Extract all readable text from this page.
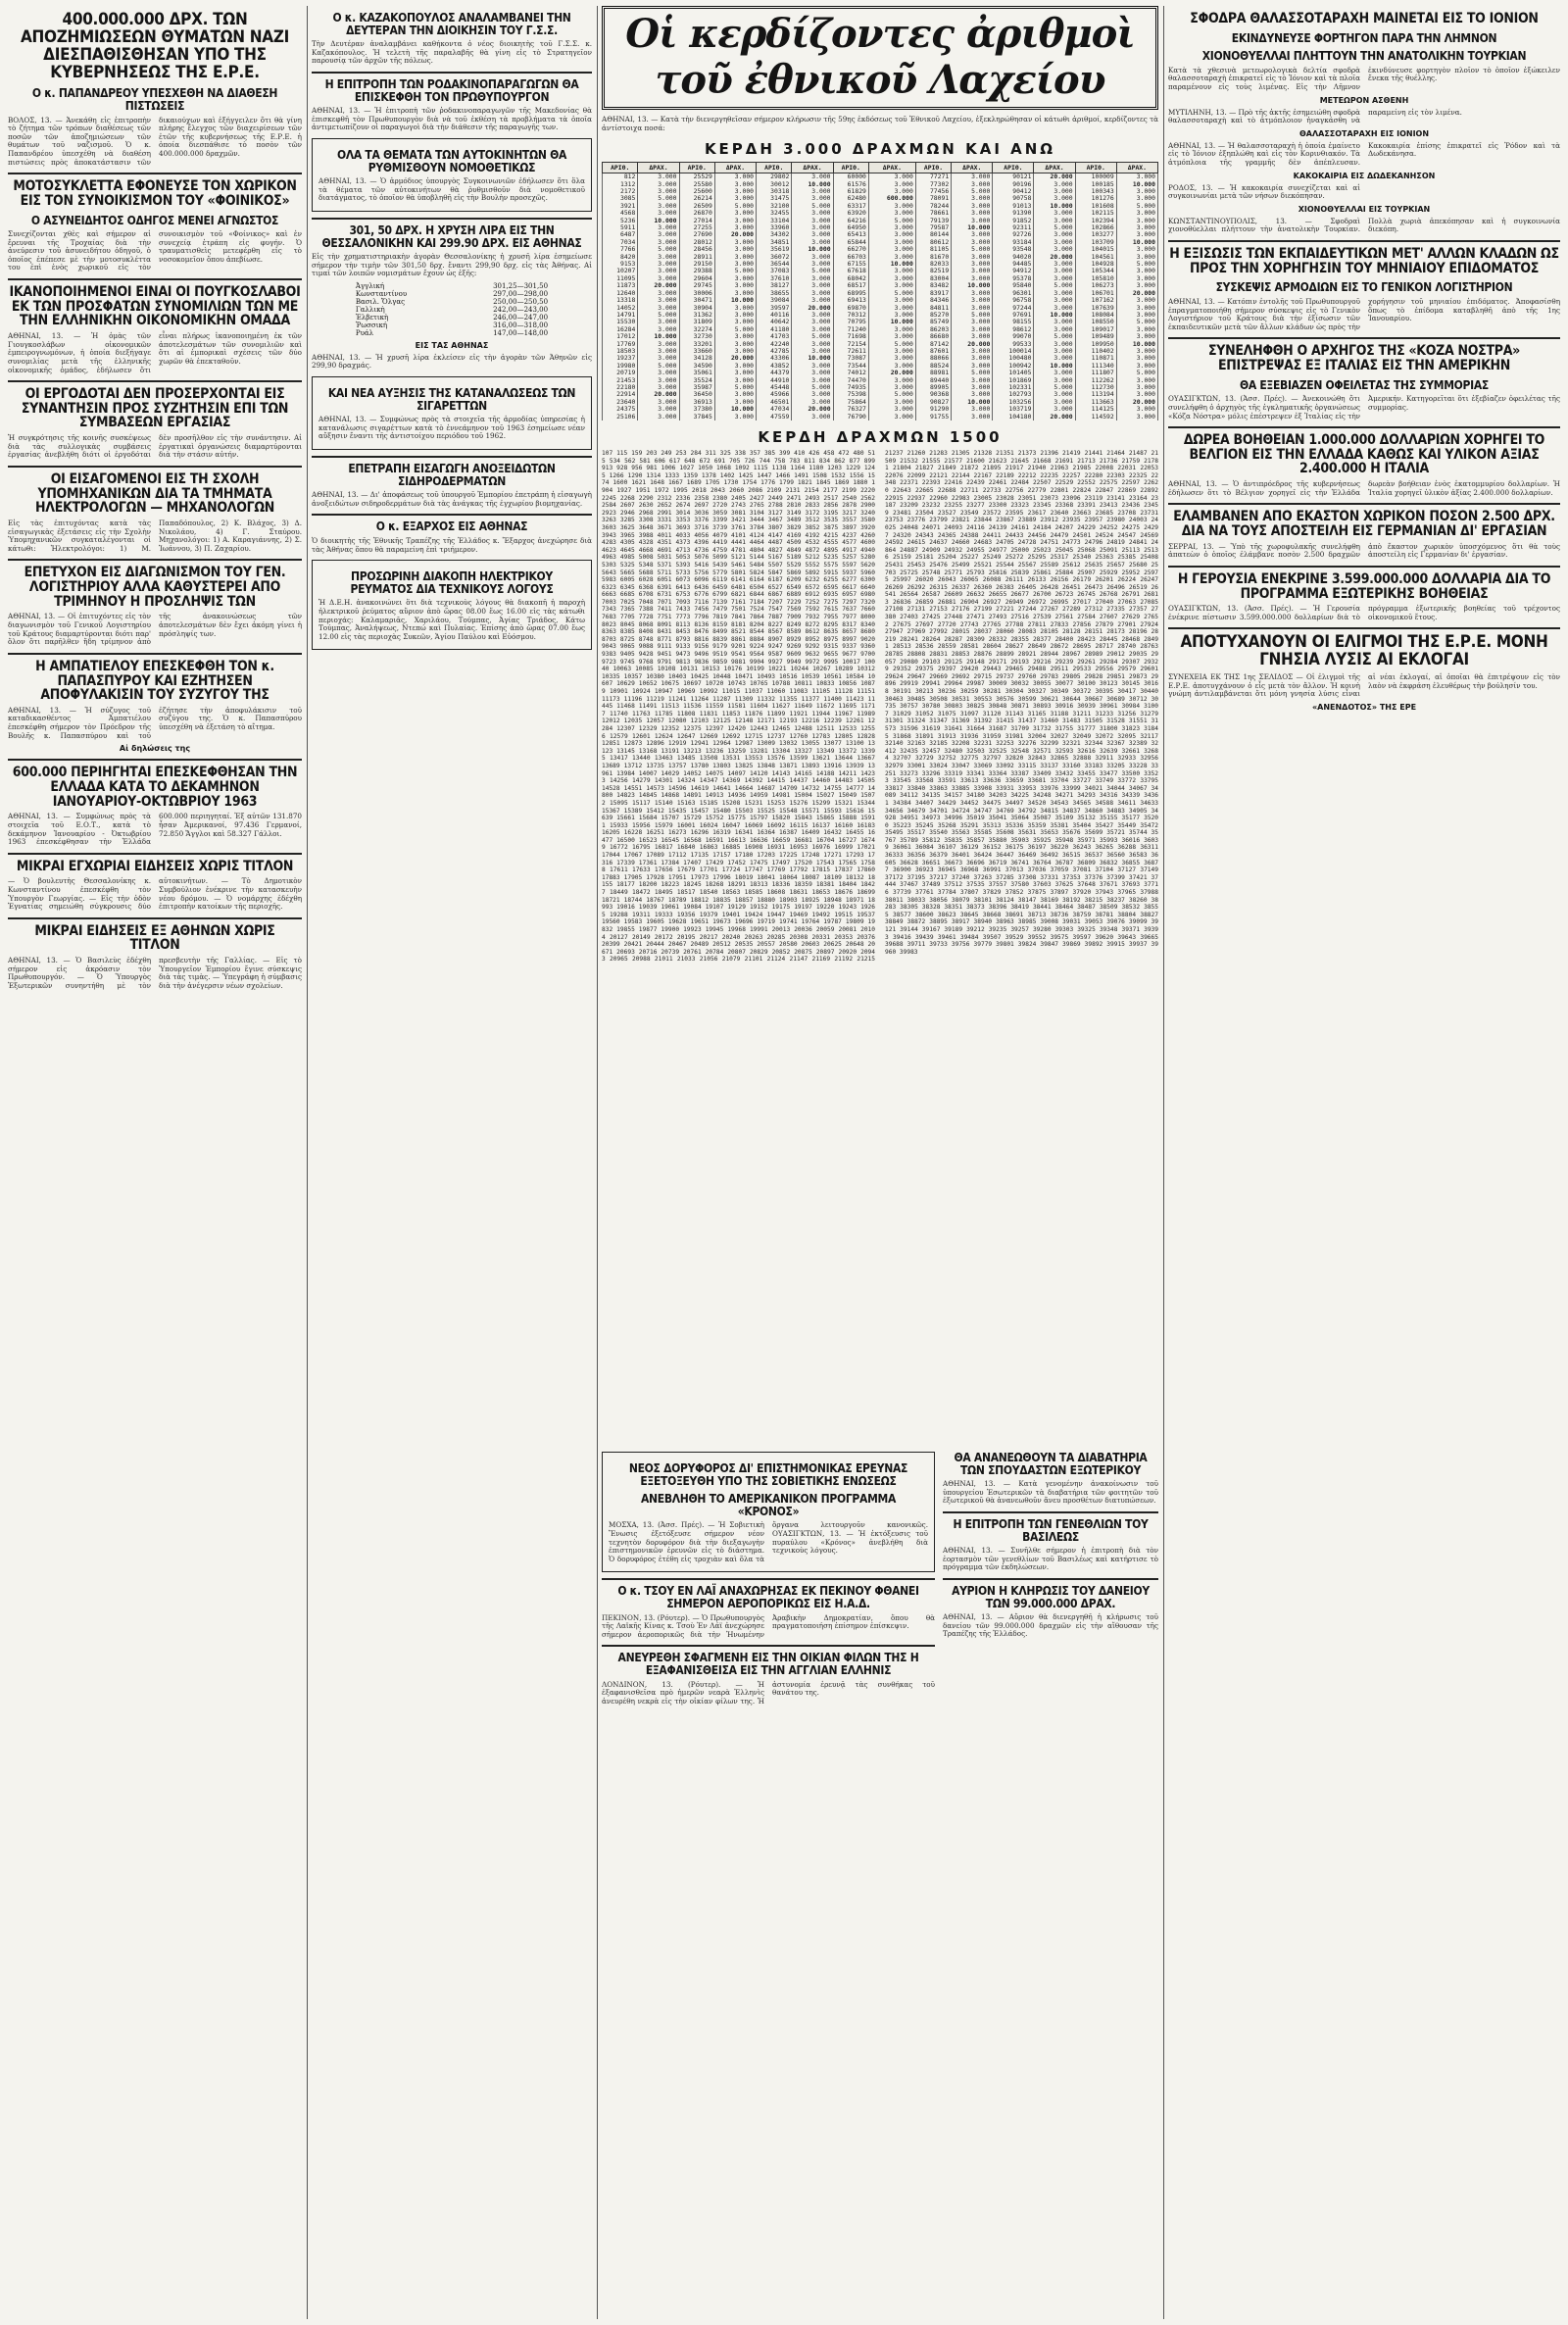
400.000.000 ΔΡΧ. ΤΩΝ ΑΠΟΖΗΜΙΩΣΕΩΝ ΘΥΜΑΤΩΝ ΝΑΖΙ ΔΙΕΣΠΑΘΙΣΘΗΣΑΝ ΥΠΟ ΤΗΣ ΚΥΒΕΡΝΗΣΕΩΣ ΤΗΣ Ε.Ρ.Ε.
Ο κ. ΠΑΠΑΝΔΡΕΟΥ ΥΠΕΣΧΕΘΗ ΝΑ ΔΙΑΘΕΣΗ ΠΙΣΤΩΣΕΙΣ

ΒΟΛΟΣ, 13. — Ἀνεκάθη εἰς ἐπιτροπὴν τὸ ζήτημα τῶν τρόπων διαθέσεως τῶν ποσῶν τῶν ἀποζημιώσεων τῶν θυμάτων τοῦ ναζισμοῦ. Ὁ κ. Παπανδρέου ὑπεσχέθη νὰ διαθέση πιστώσεις πρὸς ἀποκατάστασιν τῶν δικαιούχων καὶ ἐξήγγειλεν ὅτι θὰ γίνη πλήρης ἔλεγχος τῶν διαχειρίσεων τῶν ἐτῶν τῆς κυβερνήσεως τῆς Ε.Ρ.Ε. ἡ ὁποία διεσπάθισε τὸ ποσὸν τῶν 400.000.000 δραχμῶν.

ΜΟΤΟΣΥΚΛΕΤΤΑ ΕΦΟΝΕΥΣΕ ΤΟΝ ΧΩΡΙΚΟΝ ΕΙΣ ΤΟΝ ΣΥΝΟΙΚΙΣΜΟΝ ΤΟΥ «ΦΟΙΝΙΚΟΣ»
Ο ΑΣΥΝΕΙΔΗΤΟΣ ΟΔΗΓΟΣ ΜΕΝΕΙ ΑΓΝΩΣΤΟΣ

Συνεχίζονται χθὲς καὶ σήμερον αἱ ἔρευναι τῆς Τροχαίας διὰ τὴν ἀνεύρεσιν τοῦ ἀσυνειδήτου ὁδηγοῦ, ὁ ὁποῖος ἐπέπεσε μὲ τὴν μοτοσυκλέττα του ἐπὶ ἑνὸς χωρικοῦ εἰς τὸν συνοικισμὸν τοῦ «Φοίνικος» καὶ ἐν συνεχείᾳ ἐτράπη εἰς φυγήν. Ὁ τραυματισθεὶς μετεφέρθη εἰς τὸ νοσοκομεῖον ὅπου ἀπεβίωσε.

ΙΚΑΝΟΠΟΙΗΜΕΝΟΙ ΕΙΝΑΙ ΟΙ ΠΟΥΓΚΟΣΛΑΒΟΙ ΕΚ ΤΩΝ ΠΡΟΣΦΑΤΩΝ ΣΥΝΟΜΙΛΙΩΝ ΤΩΝ ΜΕ ΤΗΝ ΕΛΛΗΝΙΚΗΝ ΟΙΚΟΝΟΜΙΚΗΝ ΟΜΑΔΑ

ΑΘΗΝΑΙ, 13. — Ἡ ὁμὰς τῶν Γιουγκοσλάβων οἰκονομικῶν ἐμπειρογνωμόνων, ἡ ὁποία διεξήγαγε συνομιλίας μετὰ τῆς ἑλληνικῆς οἰκονομικῆς ὁμάδος, ἐδήλωσεν ὅτι εἶναι πλήρως ἱκανοποιημένη ἐκ τῶν ἀποτελεσμάτων τῶν συνομιλιῶν καὶ ὅτι αἱ ἐμπορικαὶ σχέσεις τῶν δύο χωρῶν θὰ ἐπεκταθοῦν.

ΟΙ ΕΡΓΟΔΟΤΑΙ ΔΕΝ ΠΡΟΣΕΡΧΟΝΤΑΙ ΕΙΣ ΣΥΝΑΝΤΗΣΙΝ ΠΡΟΣ ΣΥΖΗΤΗΣΙΝ ΕΠΙ ΤΩΝ ΣΥΜΒΑΣΕΩΝ ΕΡΓΑΣΙΑΣ

Ἡ συγκρότησις τῆς κοινῆς συσκέψεως διὰ τὰς συλλογικὰς συμβάσεις ἐργασίας ἀνεβλήθη διότι οἱ ἐργοδόται δὲν προσῆλθον εἰς τὴν συνάντησιν. Αἱ ἐργατικαὶ ὀργανώσεις διαμαρτύρονται διὰ τὴν στάσιν αὐτήν.

ΟΙ ΕΙΣΑΓΟΜΕΝΟΙ ΕΙΣ ΤΗ ΣΧΟΛΗ ΥΠΟΜΗΧΑΝΙΚΩΝ ΔΙΑ ΤΑ ΤΜΗΜΑΤΑ ΗΛΕΚΤΡΟΛΟΓΩΝ — ΜΗΧΑΝΟΛΟΓΩΝ

Εἰς τὰς ἐπιτυχόντας κατὰ τὰς εἰσαγωγικὰς ἐξετάσεις εἰς τὴν Σχολὴν Ὑπομηχανικῶν συγκαταλέγονται οἱ κάτωθι: Ἠλεκτρολόγοι: 1) Μ. Παπαδόπουλος, 2) Κ. Βλάχος, 3) Δ. Νικολάου, 4) Γ. Σταύρου. Μηχανολόγοι: 1) Α. Καραγιάννης, 2) Σ. Ἰωάννου, 3) Π. Ζαχαρίου.

ΕΠΕΤΥΧΟΝ ΕΙΣ ΔΙΑΓΩΝΙΣΜΟΝ ΤΟΥ ΓΕΝ. ΛΟΓΙΣΤΗΡΙΟΥ ΑΛΛΑ ΚΑΘΥΣΤΕΡΕΙ ΑΠΟ ΤΡΙΜΗΝΟΥ Η ΠΡΟΣΛΗΨΙΣ ΤΩΝ

ΑΘΗΝΑΙ, 13. — Οἱ ἐπιτυχόντες εἰς τὸν διαγωνισμὸν τοῦ Γενικοῦ Λογιστηρίου τοῦ Κράτους διαμαρτύρονται διότι παρ' ὅλον ὅτι παρῆλθεν ἤδη τρίμηνον ἀπὸ τῆς ἀνακοινώσεως τῶν ἀποτελεσμάτων δὲν ἔχει ἀκόμη γίνει ἡ πρόσληψίς των.

Η ΑΜΠΑΤΙΕΛΟΥ ΕΠΕΣΚΕΦΘΗ ΤΟΝ κ. ΠΑΠΑΣΠΥΡΟΥ ΚΑΙ ΕΖΗΤΗΣΕΝ ΑΠΟΦΥΛΑΚΙΣΙΝ ΤΟΥ ΣΥΖΥΓΟΥ ΤΗΣ

ΑΘΗΝΑΙ, 13. — Ἡ σύζυγος τοῦ καταδικασθέντος Ἀμπατιέλου ἐπεσκέφθη σήμερον τὸν Πρόεδρον τῆς Βουλῆς κ. Παπασπύρου καὶ τοῦ ἐζήτησε τὴν ἀποφυλάκισιν τοῦ συζύγου της. Ὁ κ. Παπασπύρου ὑπεσχέθη νὰ ἐξετάση τὸ αἴτημα.

Αἱ δηλώσεις της
600.000 ΠΕΡΙΗΓΗΤΑΙ ΕΠΕΣΚΕΦΘΗΣΑΝ ΤΗΝ ΕΛΛΑΔΑ ΚΑΤΑ ΤΟ ΔΕΚΑΜΗΝΟΝ ΙΑΝΟΥΑΡΙΟΥ-ΟΚΤΩΒΡΙΟΥ 1963

ΑΘΗΝΑΙ, 13. — Συμφώνως πρὸς τὰ στοιχεῖα τοῦ Ε.Ο.Τ., κατὰ τὸ δεκάμηνον Ἰανουαρίου - Ὀκτωβρίου 1963 ἐπεσκέφθησαν τὴν Ἑλλάδα 600.000 περιηγηταί. Ἐξ αὐτῶν 131.870 ἦσαν Ἀμερικανοί, 97.436 Γερμανοί, 72.850 Ἄγγλοι καὶ 58.327 Γάλλοι.

ΜΙΚΡΑΙ ΕΓΧΩΡΙΑΙ ΕΙΔΗΣΕΙΣ ΧΩΡΙΣ ΤΙΤΛΟΝ

— Ὁ βουλευτὴς Θεσσαλονίκης κ. Κωνσταντίνου ἐπεσκέφθη τὸν Ὑπουργὸν Γεωργίας. — Εἰς τὴν ὁδὸν Ἐγνατίας σημειώθη σύγκρουσις δύο αὐτοκινήτων. — Τὸ Δημοτικὸν Συμβούλιον ἐνέκρινε τὴν κατασκευὴν νέου δρόμου. — Ὁ νομάρχης ἐδέχθη ἐπιτροπὴν κατοίκων τῆς περιοχῆς.

ΜΙΚΡΑΙ ΕΙΔΗΣΕΙΣ ΕΞ ΑΘΗΝΩΝ ΧΩΡΙΣ ΤΙΤΛΟΝ

ΑΘΗΝΑΙ, 13. — Ὁ Βασιλεὺς ἐδέχθη σήμερον εἰς ἀκρόασιν τὸν Πρωθυπουργόν. — Ὁ Ὑπουργὸς Ἐξωτερικῶν συνηντήθη μὲ τὸν πρεσβευτὴν τῆς Γαλλίας. — Εἰς τὸ Ὑπουργεῖον Ἐμπορίου ἔγινε σύσκεψις διὰ τὰς τιμὰς. — Ὑπεγράφη ἡ σύμβασις διὰ τὴν ἀνέγερσιν νέων σχολείων.

Ο κ. ΚΑΖΑΚΟΠΟΥΛΟΣ ΑΝΑΛΑΜΒΑΝΕΙ ΤΗΝ ΔΕΥΤΕΡΑΝ ΤΗΝ ΔΙΟΙΚΗΣΙΝ ΤΟΥ Γ.Σ.Σ.

Τὴν Δευτέραν ἀναλαμβάνει καθήκοντα ὁ νέος διοικητὴς τοῦ Γ.Σ.Σ. κ. Καζακόπουλος. Ἡ τελετὴ τῆς παραλαβῆς θὰ γίνη εἰς τὸ Στρατηγεῖον παρουσίᾳ τῶν ἀρχῶν τῆς πόλεως.

Η ΕΠΙΤΡΟΠΗ ΤΩΝ ΡΟΔΑΚΙΝΟΠΑΡΑΓΩΓΩΝ ΘΑ ΕΠΙΣΚΕΦΘΗ ΤΟΝ ΠΡΩΘΥΠΟΥΡΓΟΝ

ΑΘΗΝΑΙ, 13. — Ἡ ἐπιτροπὴ τῶν ῥοδακινοπαραγωγῶν τῆς Μακεδονίας θὰ ἐπισκεφθῆ τὸν Πρωθυπουργὸν διὰ νὰ τοῦ ἐκθέση τὰ προβλήματα τὰ ὁποῖα ἀντιμετωπίζουν οἱ παραγωγοὶ διὰ τὴν διάθεσιν τῆς παραγωγῆς των.

ΟΛΑ ΤΑ ΘΕΜΑΤΑ ΤΩΝ ΑΥΤΟΚΙΝΗΤΩΝ ΘΑ ΡΥΘΜΙΣΘΟΥΝ ΝΟΜΟΘΕΤΙΚΩΣ

ΑΘΗΝΑΙ, 13. — Ὁ ἁρμόδιος ὑπουργὸς Συγκοινωνιῶν ἐδήλωσεν ὅτι ὅλα τὰ θέματα τῶν αὐτοκινήτων θὰ ῥυθμισθοῦν διὰ νομοθετικοῦ διατάγματος, τὸ ὁποῖον θὰ ὑποβληθῆ εἰς τὴν Βουλὴν προσεχῶς.

301, 50 ΔΡΧ. Η ΧΡΥΣΗ ΛΙΡΑ ΕΙΣ ΤΗΝ ΘΕΣΣΑΛΟΝΙΚΗΝ ΚΑΙ 299.90 ΔΡΧ. ΕΙΣ ΑΘΗΝΑΣ

Εἰς τὴν χρηματιστηριακὴν ἀγορὰν Θεσσαλονίκης ἡ χρυσῆ λίρα ἐσημείωσε σήμερον τὴν τιμὴν τῶν 301,50 δρχ. ἔναντι 299,90 δρχ. εἰς τὰς Ἀθήνας. Αἱ τιμαὶ τῶν λοιπῶν νομισμάτων ἔχουν ὡς ἑξῆς:

Ἀγγλική	301,25—301,50
Κωνσταντίνου	297,00—298,00
Βασιλ. Ὄλγας	250,00—250,50
Γαλλικὴ	242,00—243,00
Ἐλβετικὴ	246,00—247,00
Ῥωσσική	316,00—318,00
Ρυάλ	147,00—148,00
ΕΙΣ ΤΑΣ ΑΘΗΝΑΣ

ΑΘΗΝΑΙ, 13. — Ἡ χρυσῆ λίρα ἐκλείσεν εἰς τὴν ἀγορὰν τῶν Ἀθηνῶν εἰς 299,90 δραχμάς.

ΚΑΙ ΝΕΑ ΑΥΞΗΣΙΣ ΤΗΣ ΚΑΤΑΝΑΛΩΣΕΩΣ ΤΩΝ ΣΙΓΑΡΕΤΤΩΝ

ΑΘΗΝΑΙ, 13. — Συμφώνως πρὸς τὰ στοιχεῖα τῆς ἁρμοδίας ὑπηρεσίας ἡ κατανάλωσις σιγαρέττων κατὰ τὸ ἐννεάμηνον τοῦ 1963 ἐσημείωσε νέαν αὔξησιν ἔναντι τῆς ἀντιστοίχου περιόδου τοῦ 1962.

ΕΠΕΤΡΑΠΗ ΕΙΣΑΓΩΓΗ ΑΝΟΞΕΙΔΩΤΩΝ ΣΙΔΗΡΟΔΕΡΜΑΤΩΝ

ΑΘΗΝΑΙ, 13. — Δι' ἀποφάσεως τοῦ ὑπουργοῦ Ἐμπορίου ἐπετράπη ἡ εἰσαγωγὴ ἀνοξειδώτων σιδηροδερμάτων διὰ τὰς ἀνάγκας τῆς ἐγχωρίου βιομηχανίας.

Ο κ. ΕΞΑΡΧΟΣ ΕΙΣ ΑΘΗΝΑΣ

Ὁ διοικητὴς τῆς Ἐθνικῆς Τραπέζης τῆς Ἑλλάδος κ. Ἔξαρχος ἀνεχώρησε διὰ τὰς Ἀθήνας ὅπου θὰ παραμείνη ἐπὶ τριήμερον.

ΠΡΟΣΩΡΙΝΗ ΔΙΑΚΟΠΗ ΗΛΕΚΤΡΙΚΟΥ ΡΕΥΜΑΤΟΣ ΔΙΑ ΤΕΧΝΙΚΟΥΣ ΛΟΓΟΥΣ

Ἡ Δ.Ε.Η. ἀνακοινώνει ὅτι διὰ τεχνικοὺς λόγους θὰ διακοπῆ ἡ παροχὴ ἠλεκτρικοῦ ῥεύματος αὔριον ἀπὸ ὥρας 08.00 ἕως 16.00 εἰς τὰς κάτωθι περιοχάς: Καλαμαριᾶς, Χαριλάου, Τούμπας, Ἁγίας Τριάδος, Κάτω Τούμπας, Ἀναλήψεως, Ντεπώ καὶ Πυλαίας. Ἐπίσης ἀπὸ ὥρας 07.00 ἕως 12.00 εἰς τὰς περιοχὰς Συκεῶν, Ἁγίου Παύλου καὶ Εὐόσμου.

Οἱ κερδίζοντες ἀριθμοὶ τοῦ ἐθνικοῦ Λαχείου

ΑΘΗΝΑΙ, 13. — Κατὰ τὴν διενεργηθεῖσαν σήμερον κλήρωσιν τῆς 59ης ἐκδόσεως τοῦ Ἐθνικοῦ Λαχείου, ἐξεκληρώθησαν οἱ κάτωθι ἀριθμοί, κερδίζοντες τὰ ἀντίστοιχα ποσά:

ΚΕΡΔΗ 3.000 ΔΡΑΧΜΩΝ ΚΑΙ ΑΝΩ
ΑΡΙΘ.	ΔΡΑΧ.	ΑΡΙΘ.	ΔΡΑΧ.	ΑΡΙΘ.	ΔΡΑΧ.	ΑΡΙΘ.	ΔΡΑΧ.	ΑΡΙΘ.	ΔΡΑΧ.	ΑΡΙΘ.	ΔΡΑΧ.	ΑΡΙΘ.	ΔΡΑΧ.
812	3.000	25529	3.000	29802	3.000	60000	3.000	77271	3.000	90121	20.000	100009	3.000
1312	3.000	25580	3.000	30012	10.000	61576	3.000	77302	3.000	90196	3.000	100185	10.000
2172	3.000	25600	3.000	30318	3.000	61829	3.000	77456	5.000	90412	3.000	100343	3.000
3085	5.000	26214	3.000	31475	3.000	62480	600.000	78091	3.000	90758	3.000	101276	3.000
3921	3.000	26509	5.000	32100	5.000	63317	3.000	78244	3.000	91013	10.000	101608	5.000
4568	3.000	26870	3.000	32455	3.000	63920	3.000	78661	3.000	91390	3.000	102115	3.000
5236	10.000	27014	3.000	33104	3.000	64216	5.000	79139	3.000	91852	3.000	102394	3.000
5911	3.000	27255	3.000	33960	3.000	64950	3.000	79587	10.000	92311	5.000	102866	3.000
6487	3.000	27690	20.000	34302	3.000	65413	3.000	80144	3.000	92726	3.000	103277	3.000
7034	3.000	28012	3.000	34851	3.000	65844	3.000	80612	3.000	93184	3.000	103709	10.000
7766	5.000	28456	3.000	35619	10.000	66270	3.000	81105	5.000	93548	3.000	104015	3.000
8420	3.000	28911	3.000	36072	3.000	66703	3.000	81670	3.000	94020	20.000	104561	3.000
9153	3.000	29150	3.000	36544	3.000	67155	10.000	82033	3.000	94485	3.000	104928	5.000
10207	3.000	29388	5.000	37083	5.000	67618	3.000	82519	3.000	94912	3.000	105344	3.000
11095	3.000	29604	3.000	37610	3.000	68042	3.000	83004	3.000	95378	3.000	105810	3.000
11873	20.000	29745	3.000	38127	3.000	68517	3.000	83482	10.000	95840	5.000	106273	3.000
12640	3.000	30006	3.000	38655	3.000	68995	5.000	83917	3.000	96301	3.000	106701	20.000
13318	3.000	30471	10.000	39084	3.000	69413	3.000	84346	3.000	96758	3.000	107162	3.000
14052	3.000	30904	3.000	39597	20.000	69870	3.000	84811	3.000	97244	3.000	107639	3.000
14791	5.000	31362	3.000	40116	3.000	70312	3.000	85270	5.000	97691	10.000	108084	3.000
15530	3.000	31809	3.000	40642	3.000	70795	10.000	85749	3.000	98155	3.000	108550	5.000
16284	3.000	32274	5.000	41180	3.000	71240	3.000	86203	3.000	98612	3.000	109017	3.000
17012	10.000	32730	3.000	41703	5.000	71698	3.000	86680	3.000	99070	5.000	109489	3.000
17769	3.000	33201	3.000	42240	3.000	72154	5.000	87142	20.000	99533	3.000	109950	10.000
18503	3.000	33660	3.000	42785	3.000	72611	3.000	87601	3.000	100014	3.000	110402	3.000
19237	3.000	34128	20.000	43306	10.000	73087	3.000	88066	3.000	100480	3.000	110871	3.000
19980	5.000	34590	3.000	43852	3.000	73544	3.000	88524	3.000	100942	10.000	111340	3.000
20719	3.000	35061	3.000	44379	3.000	74012	20.000	88981	5.000	101405	3.000	111807	5.000
21453	3.000	35524	3.000	44910	3.000	74470	3.000	89440	3.000	101869	3.000	112262	3.000
22180	3.000	35987	5.000	45448	5.000	74935	3.000	89905	3.000	102331	5.000	112730	3.000
22914	20.000	36450	3.000	45966	3.000	75398	5.000	90368	3.000	102793	3.000	113194	3.000
23640	3.000	36913	3.000	46501	3.000	75864	3.000	90827	10.000	103256	3.000	113663	20.000
24375	3.000	37380	10.000	47034	20.000	76327	3.000	91290	3.000	103719	3.000	114125	3.000
25106	3.000	37845	3.000	47559	3.000	76790	3.000	91755	3.000	104180	20.000	114592	3.000
ΚΕΡΔΗ ΔΡΑΧΜΩΝ 1500
107 115 159 203 249 253 284 311 325 338 357 385 399 410 426 458 472 480 515 534 562 581 606 617 648 672 691 705 726 744 758 783 811 834 862 877 899 913 928 956 981 1006 1027 1050 1068 1092 1115 1138 1164 1180 1203 1229 1245 1266 1290 1314 1333 1359 1378 1402 1425 1447 1466 1491 1508 1532 1556 1574 1600 1621 1648 1667 1689 1705 1730 1754 1776 1799 1821 1845 1869 1880 1904 1927 1951 1972 1995 2018 2043 2060 2086 2109 2131 2154 2177 2199 2220 2245 2268 2290 2312 2336 2358 2380 2405 2427 2449 2471 2493 2517 2540 2562 2584 2607 2630 2652 2674 2697 2720 2743 2765 2788 2810 2833 2856 2878 2900 2923 2946 2968 2991 3014 3036 3059 3081 3104 3127 3149 3172 3195 3217 3240 3263 3285 3308 3331 3353 3376 3399 3421 3444 3467 3489 3512 3535 3557 3580 3603 3625 3648 3671 3693 3716 3739 3761 3784 3807 3829 3852 3875 3897 3920 3943 3965 3988 4011 4033 4056 4079 4101 4124 4147 4169 4192 4215 4237 4260 4283 4305 4328 4351 4373 4396 4419 4441 4464 4487 4509 4532 4555 4577 4600 4623 4645 4668 4691 4713 4736 4759 4781 4804 4827 4849 4872 4895 4917 4940 4963 4985 5008 5031 5053 5076 5099 5121 5144 5167 5189 5212 5235 5257 5280 5303 5325 5348 5371 5393 5416 5439 5461 5484 5507 5529 5552 5575 5597 5620 5643 5665 5688 5711 5733 5756 5779 5801 5824 5847 5869 5892 5915 5937 5960 5983 6005 6028 6051 6073 6096 6119 6141 6164 6187 6209 6232 6255 6277 6300 6323 6345 6368 6391 6413 6436 6459 6481 6504 6527 6549 6572 6595 6617 6640 6663 6685 6708 6731 6753 6776 6799 6821 6844 6867 6889 6912 6935 6957 6980 7003 7025 7048 7071 7093 7116 7139 7161 7184 7207 7229 7252 7275 7297 7320 7343 7365 7388 7411 7433 7456 7479 7501 7524 7547 7569 7592 7615 7637 7660 7683 7705 7728 7751 7773 7796 7819 7841 7864 7887 7909 7932 7955 7977 8000 8023 8045 8068 8091 8113 8136 8159 8181 8204 8227 8249 8272 8295 8317 8340 8363 8385 8408 8431 8453 8476 8499 8521 8544 8567 8589 8612 8635 8657 8680 8703 8725 8748 8771 8793 8816 8839 8861 8884 8907 8929 8952 8975 8997 9020 9043 9065 9088 9111 9133 9156 9179 9201 9224 9247 9269 9292 9315 9337 9360 9383 9405 9428 9451 9473 9496 9519 9541 9564 9587 9609 9632 9655 9677 9700 9723 9745 9768 9791 9813 9836 9859 9881 9904 9927 9949 9972 9995 10017 10040 10063 10085 10108 10131 10153 10176 10199 10221 10244 10267 10289 10312 10335 10357 10380 10403 10425 10448 10471 10493 10516 10539 10561 10584 10607 10629 10652 10675 10697 10720 10743 10765 10788 10811 10833 10856 10879 10901 10924 10947 10969 10992 11015 11037 11060 11083 11105 11128 11151 11173 11196 11219 11241 11264 11287 11309 11332 11355 11377 11400 11423 11445 11468 11491 11513 11536 11559 11581 11604 11627 11649 11672 11695 11717 11740 11763 11785 11808 11831 11853 11876 11899 11921 11944 11967 11989 12012 12035 12057 12080 12103 12125 12148 12171 12193 12216 12239 12261 12284 12307 12329 12352 12375 12397 12420 12443 12465 12488 12511 12533 12556 12579 12601 12624 12647 12669 12692 12715 12737 12760 12783 12805 12828 12851 12873 12896 12919 12941 12964 12987 13009 13032 13055 13077 13100 13123 13145 13168 13191 13213 13236 13259 13281 13304 13327 13349 13372 13395 13417 13440 13463 13485 13508 13531 13553 13576 13599 13621 13644 13667 13689 13712 13735 13757 13780 13803 13825 13848 13871 13893 13916 13939 13961 13984 14007 14029 14052 14075 14097 14120 14143 14165 14188 14211 14233 14256 14279 14301 14324 14347 14369 14392 14415 14437 14460 14483 14505 14528 14551 14573 14596 14619 14641 14664 14687 14709 14732 14755 14777 14800 14823 14845 14868 14891 14913 14936 14959 14981 15004 15027 15049 15072 15095 15117 15140 15163 15185 15208 15231 15253 15276 15299 15321 15344 15367 15389 15412 15435 15457 15480 15503 15525 15548 15571 15593 15616 15639 15661 15684 15707 15729 15752 15775 15797 15820 15843 15865 15888 15911 15933 15956 15979 16001 16024 16047 16069 16092 16115 16137 16160 16183 16205 16228 16251 16273 16296 16319 16341 16364 16387 16409 16432 16455 16477 16500 16523 16545 16568 16591 16613 16636 16659 16681 16704 16727 16749 16772 16795 16817 16840 16863 16885 16908 16931 16953 16976 16999 17021 17044 17067 17089 17112 17135 17157 17180 17203 17225 17248 17271 17293 17316 17339 17361 17384 17407 17429 17452 17475 17497 17520 17543 17565 17588 17611 17633 17656 17679 17701 17724 17747 17769 17792 17815 17837 17860 17883 17905 17928 17951 17973 17996 18019 18041 18064 18087 18109 18132 18155 18177 18200 18223 18245 18268 18291 18313 18336 18359 18381 18404 18427 18449 18472 18495 18517 18540 18563 18585 18608 18631 18653 18676 18699 18721 18744 18767 18789 18812 18835 18857 18880 18903 18925 18948 18971 18993 19016 19039 19061 19084 19107 19129 19152 19175 19197 19220 19243 19265 19288 19311 19333 19356 19379 19401 19424 19447 19469 19492 19515 19537 19560 19583 19605 19628 19651 19673 19696 19719 19741 19764 19787 19809 19832 19855 19877 19900 19923 19945 19968 19991 20013 20036 20059 20081 20104 20127 20149 20172 20195 20217 20240 20263 20285 20308 20331 20353 20376 20399 20421 20444 20467 20489 20512 20535 20557 20580 20603 20625 20648 20671 20693 20716 20739 20761 20784 20807 20829 20852 20875 20897 20920 20943 20965 20988 21011 21033 21056 21079 21101 21124 21147 21169 21192 21215 21237 21260 21283 21305 21328 21351 21373 21396 21419 21441 21464 21487 21509 21532 21555 21577 21600 21623 21645 21668 21691 21713 21736 21759 21781 21804 21827 21849 21872 21895 21917 21940 21963 21985 22008 22031 22053 22076 22099 22121 22144 22167 22189 22212 22235 22257 22280 22303 22325 22348 22371 22393 22416 22439 22461 22484 22507 22529 22552 22575 22597 22620 22643 22665 22688 22711 22733 22756 22779 22801 22824 22847 22869 22892 22915 22937 22960 22983 23005 23028 23051 23073 23096 23119 23141 23164 23187 23209 23232 23255 23277 23300 23323 23345 23368 23391 23413 23436 23459 23481 23504 23527 23549 23572 23595 23617 23640 23663 23685 23708 23731 23753 23776 23799 23821 23844 23867 23889 23912 23935 23957 23980 24003 24025 24048 24071 24093 24116 24139 24161 24184 24207 24229 24252 24275 24297 24320 24343 24365 24388 24411 24433 24456 24479 24501 24524 24547 24569 24592 24615 24637 24660 24683 24705 24728 24751 24773 24796 24819 24841 24864 24887 24909 24932 24955 24977 25000 25023 25045 25068 25091 25113 25136 25159 25181 25204 25227 25249 25272 25295 25317 25340 25363 25385 25408 25431 25453 25476 25499 25521 25544 25567 25589 25612 25635 25657 25680 25703 25725 25748 25771 25793 25816 25839 25861 25884 25907 25929 25952 25975 25997 26020 26043 26065 26088 26111 26133 26156 26179 26201 26224 26247 26269 26292 26315 26337 26360 26383 26405 26428 26451 26473 26496 26519 26541 26564 26587 26609 26632 26655 26677 26700 26723 26745 26768 26791 26813 26836 26859 26881 26904 26927 26949 26972 26995 27017 27040 27063 27085 27108 27131 27153 27176 27199 27221 27244 27267 27289 27312 27335 27357 27380 27403 27425 27448 27471 27493 27516 27539 27561 27584 27607 27629 27652 27675 27697 27720 27743 27765 27788 27811 27833 27856 27879 27901 27924 27947 27969 27992 28015 28037 28060 28083 28105 28128 28151 28173 28196 28219 28241 28264 28287 28309 28332 28355 28377 28400 28423 28445 28468 28491 28513 28536 28559 28581 28604 28627 28649 28672 28695 28717 28740 28763 28785 28808 28831 28853 28876 28899 28921 28944 28967 28989 29012 29035 29057 29080 29103 29125 29148 29171 29193 29216 29239 29261 29284 29307 29329 29352 29375 29397 29420 29443 29465 29488 29511 29533 29556 29579 29601 29624 29647 29669 29692 29715 29737 29760 29783 29805 29828 29851 29873 29896 29919 29941 29964 29987 30009 30032 30055 30077 30100 30123 30145 30168 30191 30213 30236 30259 30281 30304 30327 30349 30372 30395 30417 30440 30463 30485 30508 30531 30553 30576 30599 30621 30644 30667 30689 30712 30735 30757 30780 30803 30825 30848 30871 30893 30916 30939 30961 30984 31007 31029 31052 31075 31097 31120 31143 31165 31188 31211 31233 31256 31279 31301 31324 31347 31369 31392 31415 31437 31460 31483 31505 31528 31551 31573 31596 31619 31641 31664 31687 31709 31732 31755 31777 31800 31823 31845 31868 31891 31913 31936 31959 31981 32004 32027 32049 32072 32095 32117 32140 32163 32185 32208 32231 32253 32276 32299 32321 32344 32367 32389 32412 32435 32457 32480 32503 32525 32548 32571 32593 32616 32639 32661 32684 32707 32729 32752 32775 32797 32820 32843 32865 32888 32911 32933 32956 32979 33001 33024 33047 33069 33092 33115 33137 33160 33183 33205 33228 33251 33273 33296 33319 33341 33364 33387 33409 33432 33455 33477 33500 33523 33545 33568 33591 33613 33636 33659 33681 33704 33727 33749 33772 33795 33817 33840 33863 33885 33908 33931 33953 33976 33999 34021 34044 34067 34089 34112 34135 34157 34180 34203 34225 34248 34271 34293 34316 34339 34361 34384 34407 34429 34452 34475 34497 34520 34543 34565 34588 34611 34633 34656 34679 34701 34724 34747 34769 34792 34815 34837 34860 34883 34905 34928 34951 34973 34996 35019 35041 35064 35087 35109 35132 35155 35177 35200 35223 35245 35268 35291 35313 35336 35359 35381 35404 35427 35449 35472 35495 35517 35540 35563 35585 35608 35631 35653 35676 35699 35721 35744 35767 35789 35812 35835 35857 35880 35903 35925 35948 35971 35993 36016 36039 36061 36084 36107 36129 36152 36175 36197 36220 36243 36265 36288 36311 36333 36356 36379 36401 36424 36447 36469 36492 36515 36537 36560 36583 36605 36628 36651 36673 36696 36719 36741 36764 36787 36809 36832 36855 36877 36900 36923 36945 36968 36991 37013 37036 37059 37081 37104 37127 37149 37172 37195 37217 37240 37263 37285 37308 37331 37353 37376 37399 37421 37444 37467 37489 37512 37535 37557 37580 37603 37625 37648 37671 37693 37716 37739 37761 37784 37807 37829 37852 37875 37897 37920 37943 37965 37988 38011 38033 38056 38079 38101 38124 38147 38169 38192 38215 38237 38260 38283 38305 38328 38351 38373 38396 38419 38441 38464 38487 38509 38532 38555 38577 38600 38623 38645 38668 38691 38713 38736 38759 38781 38804 38827 38849 38872 38895 38917 38940 38963 38985 39008 39031 39053 39076 39099 39121 39144 39167 39189 39212 39235 39257 39280 39303 39325 39348 39371 39393 39416 39439 39461 39484 39507 39529 39552 39575 39597 39620 39643 39665 39688 39711 39733 39756 39779 39801 39824 39847 39869 39892 39915 39937 39960 39983
ΝΕΟΣ ΔΟΡΥΦΟΡΟΣ ΔΙ' ΕΠΙΣΤΗΜΟΝΙΚΑΣ ΕΡΕΥΝΑΣ ΕΞΕΤΟΞΕΥΘΗ ΥΠΟ ΤΗΣ ΣΟΒΙΕΤΙΚΗΣ ΕΝΩΣΕΩΣ
ΑΝΕΒΛΗΘΗ ΤΟ ΑΜΕΡΙΚΑΝΙΚΟΝ ΠΡΟΓΡΑΜΜΑ «ΚΡΟΝΟΣ»

ΜΟΣΧΑ, 13. (Ἀσσ. Πρές). — Ἡ Σοβιετικὴ Ἕνωσις ἐξετόξευσε σήμερον νέον τεχνητὸν δορυφόρον διὰ τὴν διεξαγωγὴν ἐπιστημονικῶν ἐρευνῶν εἰς τὸ διάστημα. Ὁ δορυφόρος ἐτέθη εἰς τροχιὰν καὶ ὅλα τὰ ὄργανα λειτουργοῦν κανονικῶς. ΟΥΑΣΙΓΚΤΩΝ, 13. — Ἡ ἐκτόξευσις τοῦ πυραύλου «Κρόνος» ἀνεβλήθη διὰ τεχνικοὺς λόγους.

Ο κ. ΤΣΟΥ ΕΝ ΛΑΪ ΑΝΑΧΩΡΗΣΑΣ ΕΚ ΠΕΚΙΝΟΥ ΦΘΑΝΕΙ ΣΗΜΕΡΟΝ ΑΕΡΟΠΟΡΙΚΩΣ ΕΙΣ Η.Α.Δ.

ΠΕΚΙΝΟΝ, 13. (Ρόυτερ). — Ὁ Πρωθυπουργὸς τῆς Λαϊκῆς Κίνας κ. Τσοὺ Ἐν Λάϊ ἀνεχώρησε σήμερον ἀεροπορικῶς διὰ τὴν Ἡνωμένην Ἀραβικὴν Δημοκρατίαν, ὅπου θὰ πραγματοποιήση ἐπίσημον ἐπίσκεψιν.

ΑΝΕΥΡΕΘΗ ΣΦΑΓΜΕΝΗ ΕΙΣ ΤΗΝ ΟΙΚΙΑΝ ΦΙΛΩΝ ΤΗΣ Η ΕΞΑΦΑΝΙΣΘΕΙΣΑ ΕΙΣ ΤΗΝ ΑΓΓΛΙΑΝ ΕΛΛΗΝΙΣ

ΛΟΝΔΙΝΟΝ, 13. (Ρόυτερ). — Ἡ ἐξαφανισθεῖσα πρὸ ἡμερῶν νεαρὰ Ἑλληνὶς ἀνευρέθη νεκρὰ εἰς τὴν οἰκίαν φίλων της. Ἡ ἀστυνομία ἐρευνᾷ τὰς συνθήκας τοῦ θανάτου της.

ΘΑ ΑΝΑΝΕΩΘΟΥΝ ΤΑ ΔΙΑΒΑΤΗΡΙΑ ΤΩΝ ΣΠΟΥΔΑΣΤΩΝ ΕΞΩΤΕΡΙΚΟΥ

ΑΘΗΝΑΙ, 13. — Κατὰ γενομένην ἀνακοίνωσιν τοῦ ὑπουργείου Ἐσωτερικῶν τὰ διαβατήρια τῶν φοιτητῶν τοῦ ἐξωτερικοῦ θὰ ἀνανεωθοῦν ἄνευ προσθέτων διατυπώσεων.

Η ΕΠΙΤΡΟΠΗ ΤΩΝ ΓΕΝΕΘΛΙΩΝ ΤΟΥ ΒΑΣΙΛΕΩΣ

ΑΘΗΝΑΙ, 13. — Συνῆλθε σήμερον ἡ ἐπιτροπὴ διὰ τὸν ἑορτασμὸν τῶν γενεθλίων τοῦ Βασιλέως καὶ κατήρτισε τὸ πρόγραμμα τῶν ἐκδηλώσεων.

ΑΥΡΙΟΝ Η ΚΛΗΡΩΣΙΣ ΤΟΥ ΔΑΝΕΙΟΥ ΤΩΝ 99.000.000 ΔΡΑΧ.

ΑΘΗΝΑΙ, 13. — Αὔριον θὰ διενεργηθῆ ἡ κλήρωσις τοῦ δανείου τῶν 99.000.000 δραχμῶν εἰς τὴν αἴθουσαν τῆς Τραπέζης τῆς Ἑλλάδος.

ΣΦΟΔΡΑ ΘΑΛΑΣΣΟΤΑΡΑΧΗ ΜΑΙΝΕΤΑΙ ΕΙΣ ΤΟ ΙΟΝΙΟΝ
ΕΚΙΝΔΥΝΕΥΣΕ ΦΟΡΤΗΓΟΝ ΠΑΡΑ ΤΗΝ ΛΗΜΝΟΝ
ΧΙΟΝΟΘΥΕΛΛΑΙ ΠΛΗΤΤΟΥΝ ΤΗΝ ΑΝΑΤΟΛΙΚΗΝ ΤΟΥΡΚΙΑΝ

Κατὰ τὰ χθεσινὰ μετεωρολογικὰ δελτία σφοδρὰ θαλασσοταραχὴ ἐπικρατεῖ εἰς τὸ Ἰόνιον καὶ τὰ πλοῖα παραμένουν εἰς τοὺς λιμένας. Εἰς τὴν Λῆμνον ἐκινδύνευσε φορτηγὸν πλοῖον τὸ ὁποῖον ἐξώκειλεν ἕνεκα τῆς θυέλλης.

ΜΕΤΕΩΡΟΝ ΑΣΘΕΝΗ

ΜΥΤΙΛΗΝΗ, 13. — Πρὸ τῆς ἀκτῆς ἐσημειώθη σφοδρὰ θαλασσοταραχὴ καὶ τὸ ἀτμόπλοιον ἠναγκάσθη νὰ παραμείνη εἰς τὸν λιμένα.

ΘΑΛΑΣΣΟΤΑΡΑΧΗ ΕΙΣ ΙΟΝΙΟΝ

ΑΘΗΝΑΙ, 13. — Ἡ θαλασσοταραχὴ ἡ ὁποία ἐμαίνετο εἰς τὸ Ἰόνιον ἐξηπλώθη καὶ εἰς τὸν Κορινθιακόν. Τὰ ἀτμόπλοια τῆς γραμμῆς δὲν ἀπέπλευσαν. Κακοκαιρία ἐπίσης ἐπικρατεῖ εἰς Ῥόδον καὶ τὰ Δωδεκάνησα.

ΚΑΚΟΚΑΙΡΙΑ ΕΙΣ ΔΩΔΕΚΑΝΗΣΟΝ

ΡΟΔΟΣ, 13. — Ἡ κακοκαιρία συνεχίζεται καὶ αἱ συγκοινωνίαι μετὰ τῶν νήσων διεκόπησαν.

ΧΙΟΝΟΘΥΕΛΛΑΙ ΕΙΣ ΤΟΥΡΚΙΑΝ

ΚΩΝΣΤΑΝΤΙΝΟΥΠΟΛΙΣ, 13. — Σφοδραὶ χιονοθύελλαι πλήττουν τὴν ἀνατολικὴν Τουρκίαν. Πολλὰ χωριὰ ἀπεκόπησαν καὶ ἡ συγκοινωνία διεκόπη.

Η ΕΞΙΣΩΣΙΣ ΤΩΝ ΕΚΠΑΙΔΕΥΤΙΚΩΝ ΜΕΤ' ΑΛΛΩΝ ΚΛΑΔΩΝ ΩΣ ΠΡΟΣ ΤΗΝ ΧΟΡΗΓΗΣΙΝ ΤΟΥ ΜΗΝΙΑΙΟΥ ΕΠΙΔΟΜΑΤΟΣ
ΣΥΣΚΕΨΙΣ ΑΡΜΟΔΙΩΝ ΕΙΣ ΤΟ ΓΕΝΙΚΟΝ ΛΟΓΙΣΤΗΡΙΟΝ

ΑΘΗΝΑΙ, 13. — Κατόπιν ἐντολῆς τοῦ Πρωθυπουργοῦ ἐπραγματοποιήθη σήμερον σύσκεψις εἰς τὸ Γενικὸν Λογιστήριον τοῦ Κράτους διὰ τὴν ἐξίσωσιν τῶν ἐκπαιδευτικῶν μετὰ τῶν ἄλλων κλάδων ὡς πρὸς τὴν χορήγησιν τοῦ μηνιαίου ἐπιδόματος. Ἀποφασίσθη ὅπως τὸ ἐπίδομα καταβληθῆ ἀπὸ τῆς 1ης Ἰανουαρίου.

ΣΥΝΕΛΗΦΘΗ Ο ΑΡΧΗΓΟΣ ΤΗΣ «ΚΟΖΑ ΝΟΣΤΡΑ» ΕΠΙΣΤΡΕΨΑΣ ΕΞ ΙΤΑΛΙΑΣ ΕΙΣ ΤΗΝ ΑΜΕΡΙΚΗΝ
ΘΑ ΕΞΕΒΙΑΖΕΝ ΟΦΕΙΛΕΤΑΣ ΤΗΣ ΣΥΜΜΟΡΙΑΣ

ΟΥΑΣΙΓΚΤΩΝ, 13. (Ἀσσ. Πρές). — Ἀνεκοινώθη ὅτι συνελήφθη ὁ ἀρχηγὸς τῆς ἐγκληματικῆς ὀργανώσεως «Κόζα Νόστρα» μόλις ἐπέστρεψεν ἐξ Ἰταλίας εἰς τὴν Ἀμερικήν. Κατηγορεῖται ὅτι ἐξεβίαζεν ὀφειλέτας τῆς συμμορίας.

ΔΩΡΕΑ ΒΟΗΘΕΙΑΝ 1.000.000 ΔΟΛΛΑΡΙΩΝ ΧΟΡΗΓΕΙ ΤΟ ΒΕΛΓΙΟΝ ΕΙΣ ΤΗΝ ΕΛΛΑΔΑ ΚΑΘΩΣ ΚΑΙ ΥΛΙΚΟΝ ΑΞΙΑΣ 2.400.000 Η ΙΤΑΛΙΑ

ΑΘΗΝΑΙ, 13. — Ὁ ἀντιπρόεδρος τῆς κυβερνήσεως ἐδήλωσεν ὅτι τὸ Βέλγιον χορηγεῖ εἰς τὴν Ἑλλάδα δωρεὰν βοήθειαν ἑνὸς ἑκατομμυρίου δολλαρίων. Ἡ Ἰταλία χορηγεῖ ὑλικὸν ἀξίας 2.400.000 δολλαρίων.

ΕΛΑΜΒΑΝΕΝ ΑΠΟ ΕΚΑΣΤΟΝ ΧΩΡΙΚΟΝ ΠΟΣΟΝ 2.500 ΔΡΧ. ΔΙΑ ΝΑ ΤΟΥΣ ΑΠΟΣΤΕΙΛΗ ΕΙΣ ΓΕΡΜΑΝΙΑΝ ΔΙ' ΕΡΓΑΣΙΑΝ

ΣΕΡΡΑΙ, 13. — Ὑπὸ τῆς χωροφυλακῆς συνελήφθη ἀπατεὼν ὁ ὁποῖος ἐλάμβανε ποσὸν 2.500 δραχμῶν ἀπὸ ἕκαστον χωρικὸν ὑποσχόμενος ὅτι θὰ τοὺς ἀποστείλη εἰς Γερμανίαν δι' ἐργασίαν.

Η ΓΕΡΟΥΣΙΑ ΕΝΕΚΡΙΝΕ 3.599.000.000 ΔΟΛΛΑΡΙΑ ΔΙΑ ΤΟ ΠΡΟΓΡΑΜΜΑ ΕΞΩΤΕΡΙΚΗΣ ΒΟΗΘΕΙΑΣ

ΟΥΑΣΙΓΚΤΩΝ, 13. (Ἀσσ. Πρές). — Ἡ Γερουσία ἐνέκρινε πίστωσιν 3.599.000.000 δολλαρίων διὰ τὸ πρόγραμμα ἐξωτερικῆς βοηθείας τοῦ τρέχοντος οἰκονομικοῦ ἔτους.

ΑΠΟΤΥΧΑΝΟΥΝ ΟΙ ΕΛΙΓΜΟΙ ΤΗΣ Ε.Ρ.Ε. ΜΟΝΗ ΓΝΗΣΙΑ ΛΥΣΙΣ ΑΙ ΕΚΛΟΓΑΙ

ΣΥΝΕΧΕΙΑ ΕΚ ΤΗΣ 1ης ΣΕΛΙΔΟΣ — Οἱ ἐλιγμοὶ τῆς Ε.Ρ.Ε. ἀποτυγχάνουν ὁ εἷς μετὰ τὸν ἄλλον. Ἡ κοινὴ γνώμη ἀντιλαμβάνεται ὅτι μόνη γνησία λύσις εἶναι αἱ νέαι ἐκλογαί, αἱ ὁποῖαι θὰ ἐπιτρέψουν εἰς τὸν λαὸν νὰ ἐκφράση ἐλευθέρως τὴν βούλησίν του.

«ΑΝΕΝΔΟΤΟΣ» ΤΗΣ ΕΡΕ
